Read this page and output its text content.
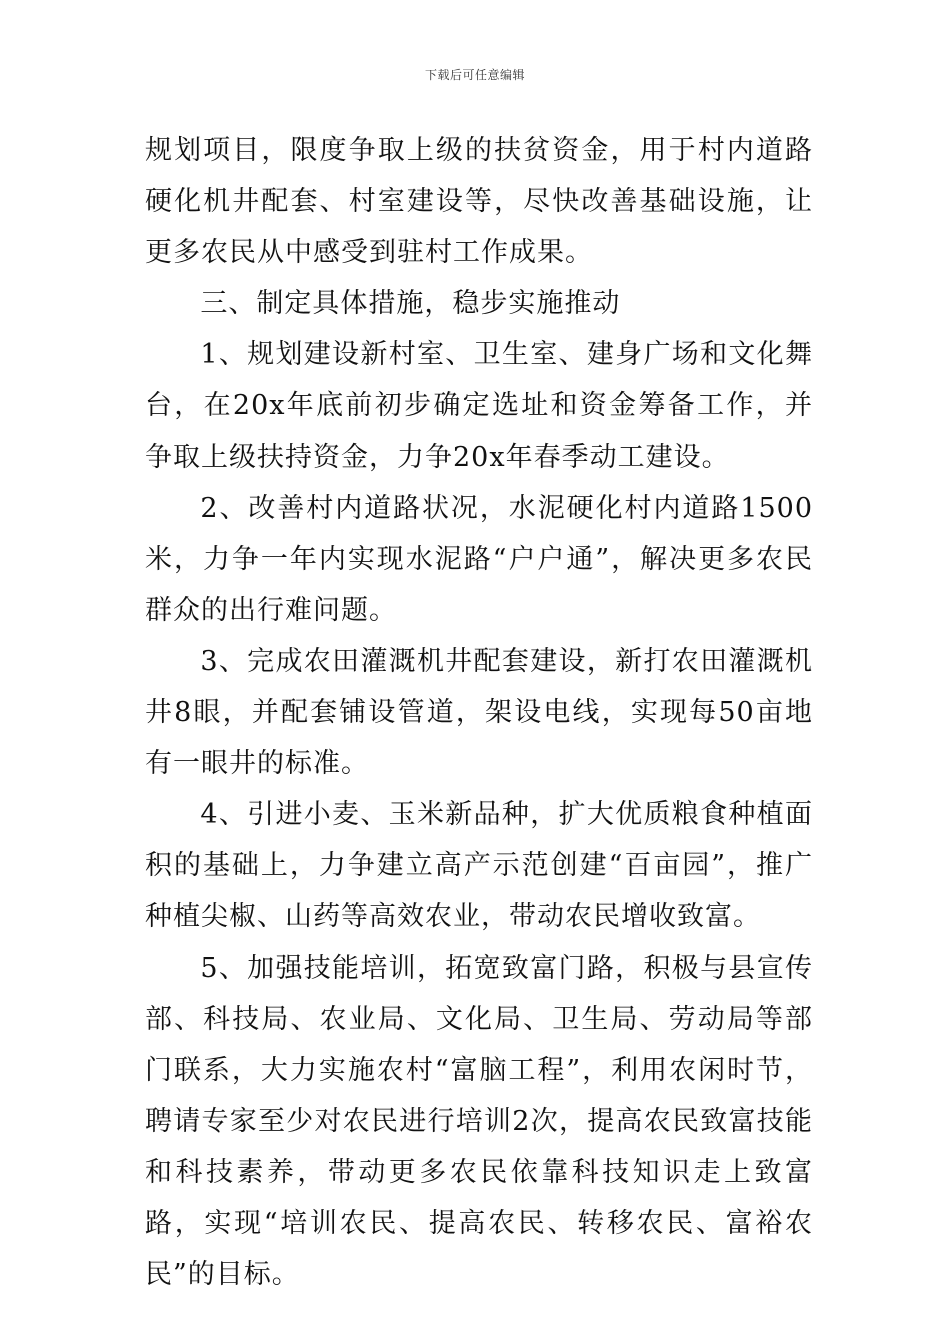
下载后可任意编辑

规划项目，限度争取上级的扶贫资金，用于村内道路硬化机井配套、村室建设等，尽快改善基础设施，让更多农民从中感受到驻村工作成果。

三、制定具体措施，稳步实施推动

1、规划建设新村室、卫生室、建身广场和文化舞台，在20x年底前初步确定选址和资金筹备工作，并争取上级扶持资金，力争20x年春季动工建设。

2、改善村内道路状况，水泥硬化村内道路1500米，力争一年内实现水泥路“户户通”，解决更多农民群众的出行难问题。

3、完成农田灌溉机井配套建设，新打农田灌溉机井8眼，并配套铺设管道，架设电线，实现每50亩地有一眼井的标准。

4、引进小麦、玉米新品种，扩大优质粮食种植面积的基础上，力争建立高产示范创建“百亩园”，推广种植尖椒、山药等高效农业，带动农民增收致富。

5、加强技能培训，拓宽致富门路，积极与县宣传部、科技局、农业局、文化局、卫生局、劳动局等部门联系，大力实施农村“富脑工程”，利用农闲时节，聘请专家至少对农民进行培训2次，提高农民致富技能和科技素养，带动更多农民依靠科技知识走上致富路，实现“培训农民、提高农民、转移农民、富裕农民”的目标。
